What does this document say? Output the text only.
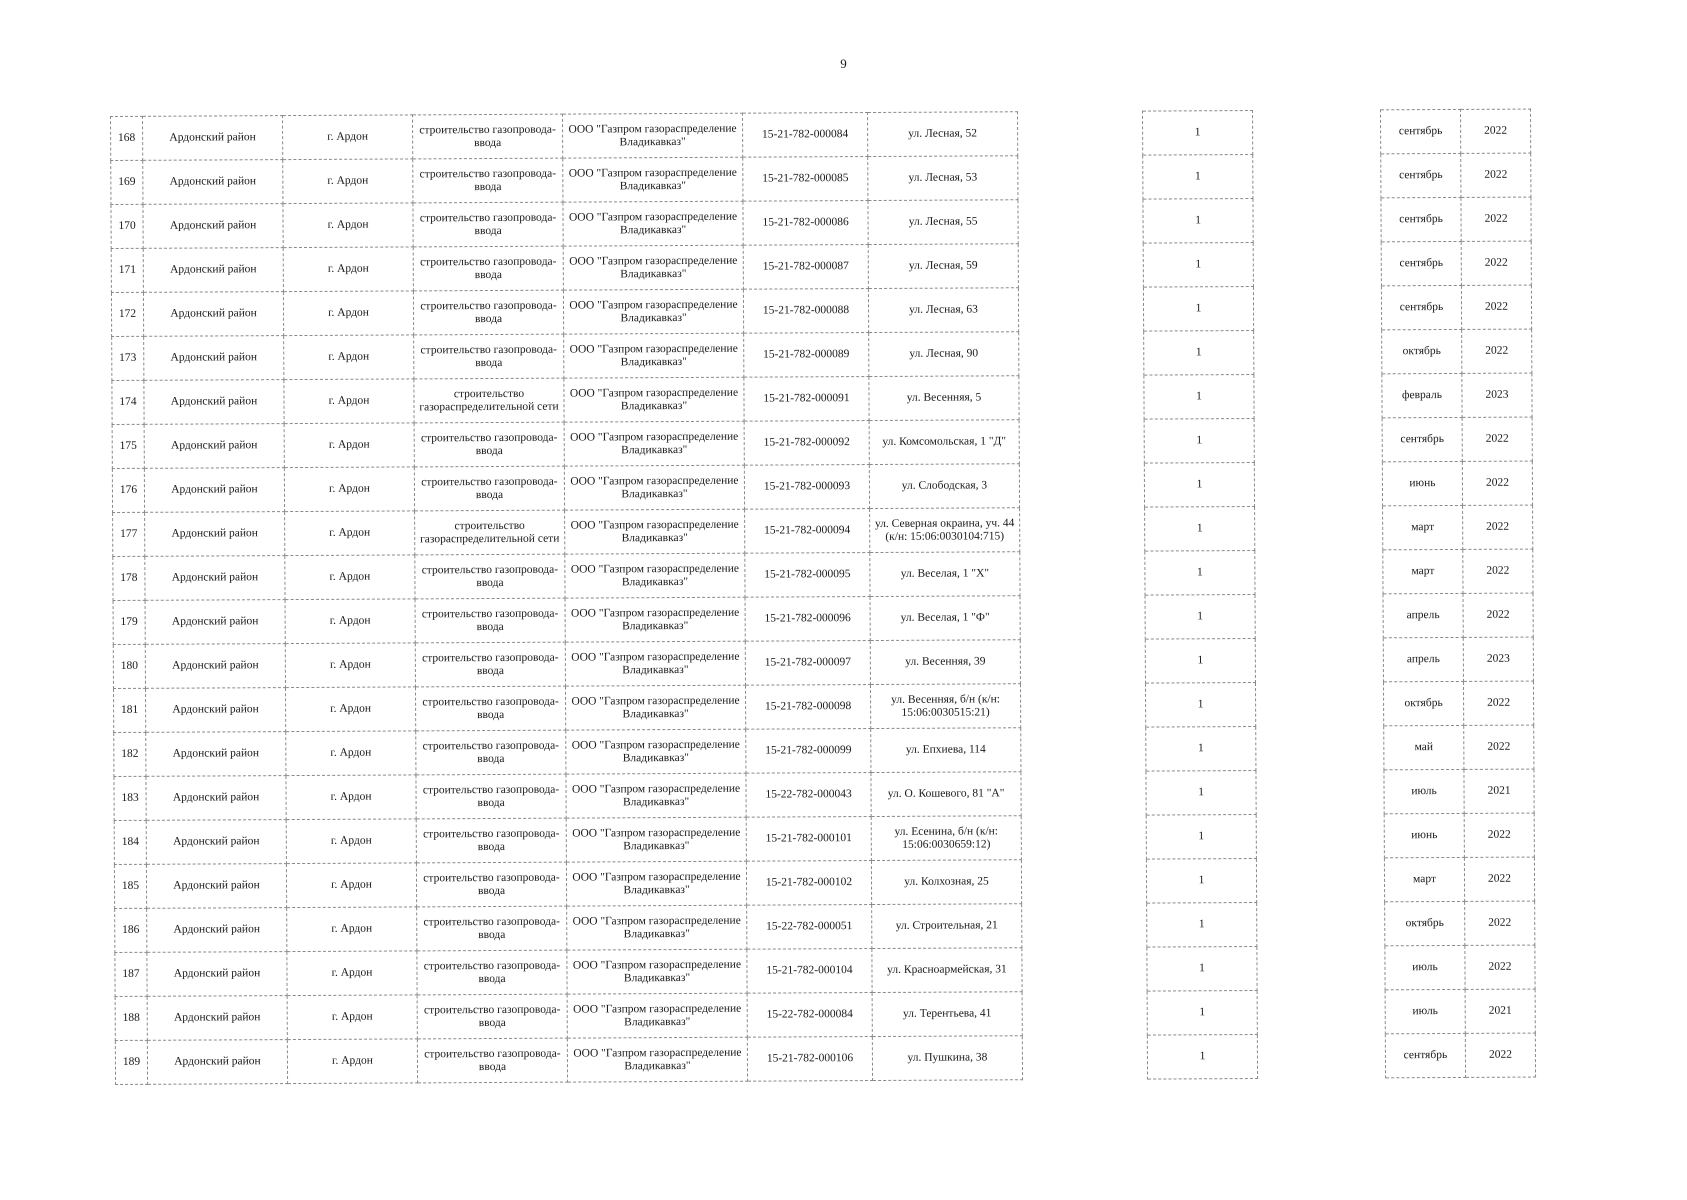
9
168	Ардонский район	г. Ардон	строительство газопровода-ввода	ООО "Газпром газораспределение Владикавказ"	15-21-782-000084	ул. Лесная, 52		1		сентябрь	2022
169	Ардонский район	г. Ардон	строительство газопровода-ввода	ООО "Газпром газораспределение Владикавказ"	15-21-782-000085	ул. Лесная, 53		1		сентябрь	2022
170	Ардонский район	г. Ардон	строительство газопровода-ввода	ООО "Газпром газораспределение Владикавказ"	15-21-782-000086	ул. Лесная, 55		1		сентябрь	2022
171	Ардонский район	г. Ардон	строительство газопровода-ввода	ООО "Газпром газораспределение Владикавказ"	15-21-782-000087	ул. Лесная, 59		1		сентябрь	2022
172	Ардонский район	г. Ардон	строительство газопровода-ввода	ООО "Газпром газораспределение Владикавказ"	15-21-782-000088	ул. Лесная, 63		1		сентябрь	2022
173	Ардонский район	г. Ардон	строительство газопровода-ввода	ООО "Газпром газораспределение Владикавказ"	15-21-782-000089	ул. Лесная, 90		1		октябрь	2022
174	Ардонский район	г. Ардон	строительство газораспределительной сети	ООО "Газпром газораспределение Владикавказ"	15-21-782-000091	ул. Весенняя, 5		1		февраль	2023
175	Ардонский район	г. Ардон	строительство газопровода-ввода	ООО "Газпром газораспределение Владикавказ"	15-21-782-000092	ул. Комсомольская, 1 "Д"		1		сентябрь	2022
176	Ардонский район	г. Ардон	строительство газопровода-ввода	ООО "Газпром газораспределение Владикавказ"	15-21-782-000093	ул. Слободская, 3		1		июнь	2022
177	Ардонский район	г. Ардон	строительство газораспределительной сети	ООО "Газпром газораспределение Владикавказ"	15-21-782-000094	ул. Северная окраина, уч. 44 (к/н: 15:06:0030104:715)		1		март	2022
178	Ардонский район	г. Ардон	строительство газопровода-ввода	ООО "Газпром газораспределение Владикавказ"	15-21-782-000095	ул. Веселая, 1 "Х"		1		март	2022
179	Ардонский район	г. Ардон	строительство газопровода-ввода	ООО "Газпром газораспределение Владикавказ"	15-21-782-000096	ул. Веселая, 1 "Ф"		1		апрель	2022
180	Ардонский район	г. Ардон	строительство газопровода-ввода	ООО "Газпром газораспределение Владикавказ"	15-21-782-000097	ул. Весенняя, 39		1		апрель	2023
181	Ардонский район	г. Ардон	строительство газопровода-ввода	ООО "Газпром газораспределение Владикавказ"	15-21-782-000098	ул. Весенняя, б/н (к/н: 15:06:0030515:21)		1		октябрь	2022
182	Ардонский район	г. Ардон	строительство газопровода-ввода	ООО "Газпром газораспределение Владикавказ"	15-21-782-000099	ул. Епхиева, 114		1		май	2022
183	Ардонский район	г. Ардон	строительство газопровода-ввода	ООО "Газпром газораспределение Владикавказ"	15-22-782-000043	ул. О. Кошевого, 81 "А"		1		июль	2021
184	Ардонский район	г. Ардон	строительство газопровода-ввода	ООО "Газпром газораспределение Владикавказ"	15-21-782-000101	ул. Есенина, б/н (к/н: 15:06:0030659:12)		1		июнь	2022
185	Ардонский район	г. Ардон	строительство газопровода-ввода	ООО "Газпром газораспределение Владикавказ"	15-21-782-000102	ул. Колхозная, 25		1		март	2022
186	Ардонский район	г. Ардон	строительство газопровода-ввода	ООО "Газпром газораспределение Владикавказ"	15-22-782-000051	ул. Строительная, 21		1		октябрь	2022
187	Ардонский район	г. Ардон	строительство газопровода-ввода	ООО "Газпром газораспределение Владикавказ"	15-21-782-000104	ул. Красноармейская, 31		1		июль	2022
188	Ардонский район	г. Ардон	строительство газопровода-ввода	ООО "Газпром газораспределение Владикавказ"	15-22-782-000084	ул. Терентьева, 41		1		июль	2021
189	Ардонский район	г. Ардон	строительство газопровода-ввода	ООО "Газпром газораспределение Владикавказ"	15-21-782-000106	ул. Пушкина, 38		1		сентябрь	2022
